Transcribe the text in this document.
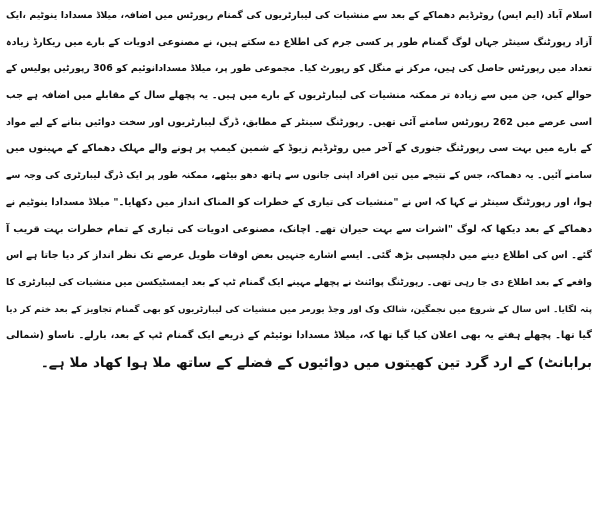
اسلام آباد (ایم ایس) روٹرڈیم دھماکے کے بعد سے منشیات کی لیبارٹریوں کی گمنام رپورٹس میں اضافہ، میلاڈ مسدادا ینوٹیم ،ایک
آزاد رپورٹنگ سینٹر جہاں لوگ گمنام طور پر کسی جرم کی اطلاع دے سکتے ہیں، نے مصنوعی ادویات کے بارے میں ریکارڈ زیادہ
تعداد میں رپورٹس حاصل کی ہیں، مرکز نے منگل کو رپورٹ کیا۔ مجموعی طور پر، میلاڈ مسدادانوئیم کو 306 رپورٹیں پولیس کے
حوالے کیں، جن میں سے زیادہ تر ممکنہ منشیات کی لیبارٹریوں کے بارے میں ہیں۔ یہ پچھلے سال کے مقابلے میں اضافہ ہے جب
اسی عرصے میں 262 رپورٹس سامنے آئی تھیں۔ رپورٹنگ سینٹر کے مطابق، ڈرگ لیبارٹریوں اور سخت دوائیں بنانے کے لیے مواد
کے بارے میں بہت سی رپورٹنگ جنوری کے آخر میں روٹرڈیم زیوڈ کے شمین کیمپ پر ہونے والے مہلک دھماکے کے مہینوں میں
سامنے آئیں۔ یہ دھماکہ، جس کے نتیجے میں تین افراد اپنی جانوں سے ہاتھ دھو بیٹھے، ممکنہ طور پر ایک ڈرگ لیبارٹری کی وجہ سے
ہوا، اور رپورٹنگ سینٹر نے کہا کہ اس نے "منشیات کی تیاری کے خطرات کو المناک انداز میں دکھایا۔" میلاڈ مسدادا ینوٹیم نے
دھماکے کے بعد دیکھا کہ لوگ "اشرات سے بہت حیران تھے۔ اچانک، مصنوعی ادویات کی تیاری کے تمام خطرات بہت قریب آ
گئے۔ اس کی اطلاع دینے میں دلچسپی بڑھ گئی۔ ایسے اشارے جنہیں بعض اوقات طویل عرصے تک نظر انداز کر دیا جاتا ہے اس
واقعے کے بعد اطلاع دی جا رہی تھی۔ رپورٹنگ پوائنٹ نے پچھلے مہینے ایک گمنام ٹپ کے بعد ایمسٹیکسن میں منشیات کی لیبارٹری کا
پتہ لگایا۔ اس سال کے شروع میں نجمگین، شالک وک اور وجڈ یورمر میں منشیات کی لیبارٹریوں کو بھی گمنام تجاویز کے بعد ختم کر دیا
گیا تھا۔ پچھلے ہفتے یہ بھی اعلان کیا گیا تھا کہ، میلاڈ مسدادا نوئیٹم کے ذریعے ایک گمنام ٹپ کے بعد، بارلے۔ ناساو (شمالی
برابانٹ) کے ارد گرد تین کھیتوں میں دوائیوں کے فضلے کے ساتھ ملا ہوا کھاد ملا ہے۔
